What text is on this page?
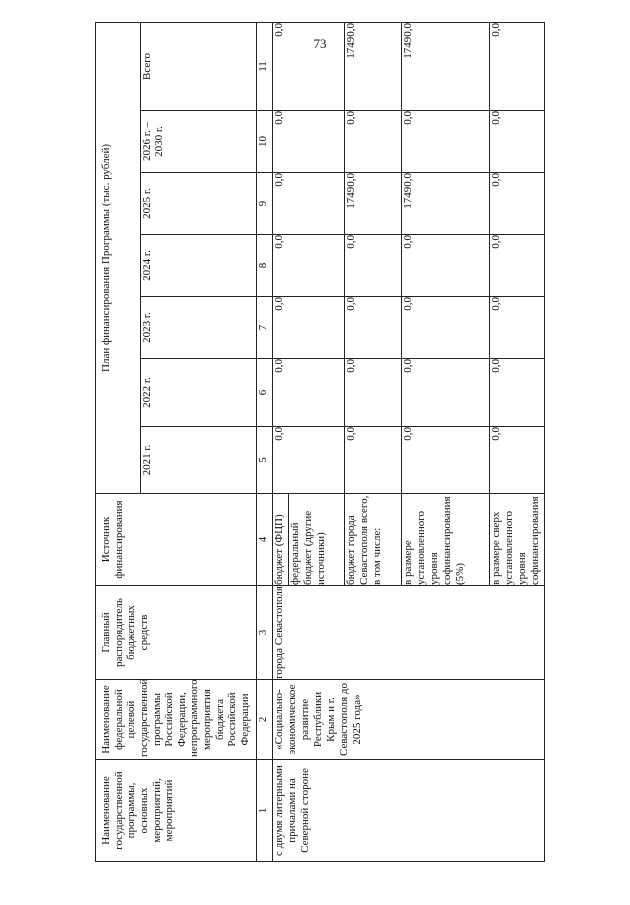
73
Наименование государственной программы, основных мероприятий, мероприятий	Наименование федеральной целевой государственной программы Российской Федерации, непрограммного мероприятия бюджета Российской Федерации	Главный распорядитель бюджетных средств	Источник финансирования	План финансирования Программы (тыс. рублей)						

				2021 г.	2022 г.	2023 г.	2024 г.	2025 г.	2026 г. – 2030 г.	Всего
1	2	3	4	5	6	7	8	9	10	11
с двумя литерными причалами на Северной стороне	«Социально-экономическое развитие Республики Крым и г. Севастополя до 2025 года»	города Севастополя	бюджет (ФЦП)	0,0	0,0	0,0	0,0	0,0	0,0	0,0
			федеральный бюджет (другие источники)							
			бюджет города Севастополя всего, в том числе:	0,0	0,0	0,0	0,0	17490,0	0,0	17490,0
			в размере установленного уровня софинансирования (5%)	0,0	0,0	0,0	0,0	17490,0	0,0	17490,0
			в размере сверх установленного уровня софинансирования	0,0	0,0	0,0	0,0	0,0	0,0	0,0
